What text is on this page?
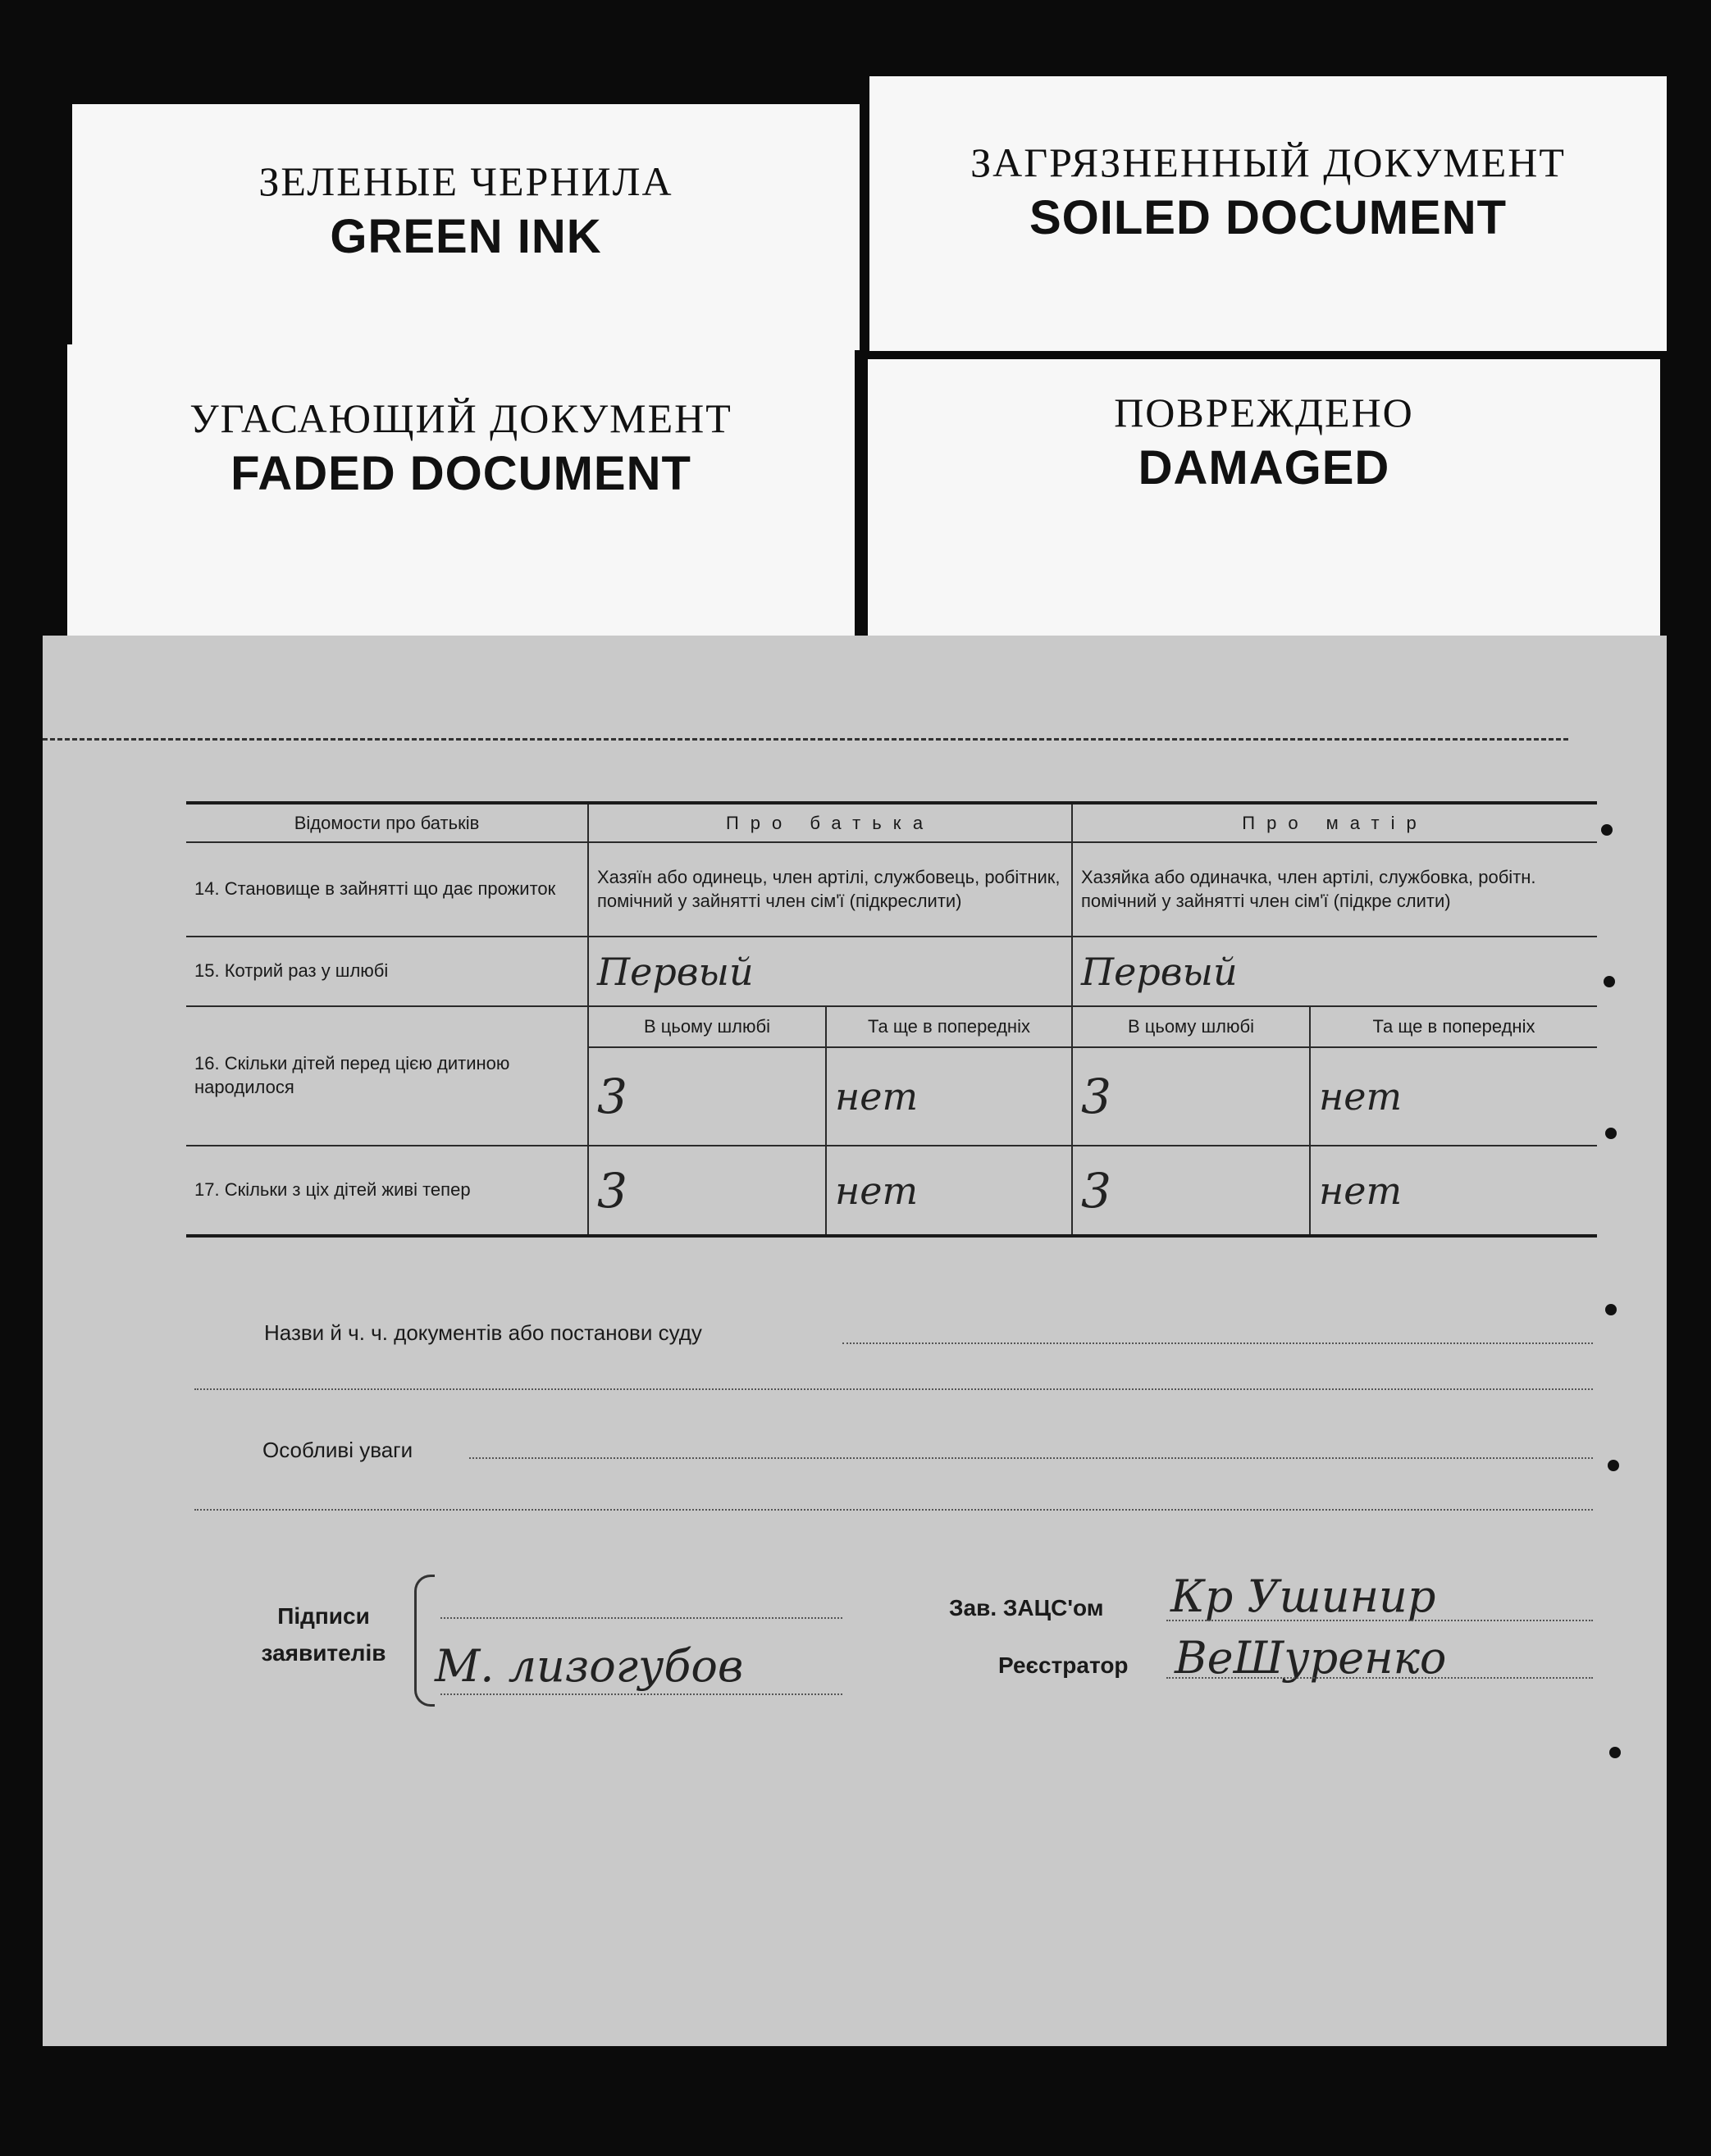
ЗЕЛЕНЫЕ ЧЕРНИЛА
GREEN INK
ЗАГРЯЗНЕННЫЙ ДОКУМЕНТ
SOILED DOCUMENT
УГАСАЮЩИЙ ДОКУМЕНТ
FADED DOCUMENT
ПОВРЕЖДЕНО
DAMAGED
Відомости про батьків	Про батька		Про матір	
14. Становище в зайнятті що дає прожиток	Хазяїн або одинець, член артілі, службовець, робітник, помічний у зайнятті член сім'ї (підкреслити)		Хазяйка або одиначка, член артілі, службовка, робітн. помічний у зайнятті член сім'ї (підкре слити)	
15. Котрий раз у шлюбі	Первый		Первый	
16. Скільки дітей перед цією дитиною народилося	В цьому шлюбі	Та ще в попередніх	В цьому шлюбі	Та ще в попередніх
	3	нет	3	нет
17. Скільки з ціх дітей живі тепер	3	нет	3	нет
Назви й ч. ч. документів або постанови суду
Особливі уваги
Підписи
заявителів	М. лизогубов
Зав. ЗАЦС'ом Кр Ушинир
Реєстратор ВеШуренко
